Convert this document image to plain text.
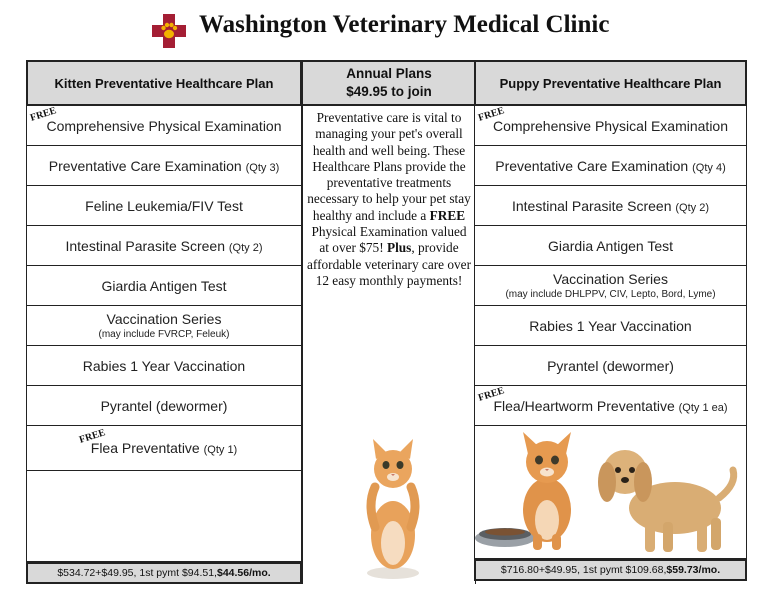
Washington Veterinary Medical Clinic
Kitten Preventative Healthcare Plan
FREE
Comprehensive Physical Examination
Preventative Care Examination (Qty 3)
Feline Leukemia/FIV Test
Intestinal Parasite Screen (Qty 2)
Giardia Antigen Test
Vaccination Series
(may include FVRCP, Feleuk)
Rabies 1 Year Vaccination
Pyrantel (dewormer)
FREE
Flea Preventative (Qty 1)
$534.72+$49.95, 1st pymt $94.51, $44.56/mo.
Annual Plans
$49.95 to join
Preventative care is vital to managing your pet's overall health and well being. These Healthcare Plans provide the preventative treatments necessary to help your pet stay healthy and include a FREE Physical Examination valued at over $75! Plus, provide affordable veterinary care over 12 easy monthly payments!
Puppy Preventative Healthcare Plan
FREE
Comprehensive Physical Examination
Preventative Care Examination (Qty 4)
Intestinal Parasite Screen (Qty 2)
Giardia Antigen Test
Vaccination Series
(may include DHLPPV, CIV, Lepto, Bord, Lyme)
Rabies 1 Year Vaccination
Pyrantel (dewormer)
FREE
Flea/Heartworm Preventative (Qty 1 ea)
$716.80+$49.95, 1st pymt $109.68, $59.73/mo.
